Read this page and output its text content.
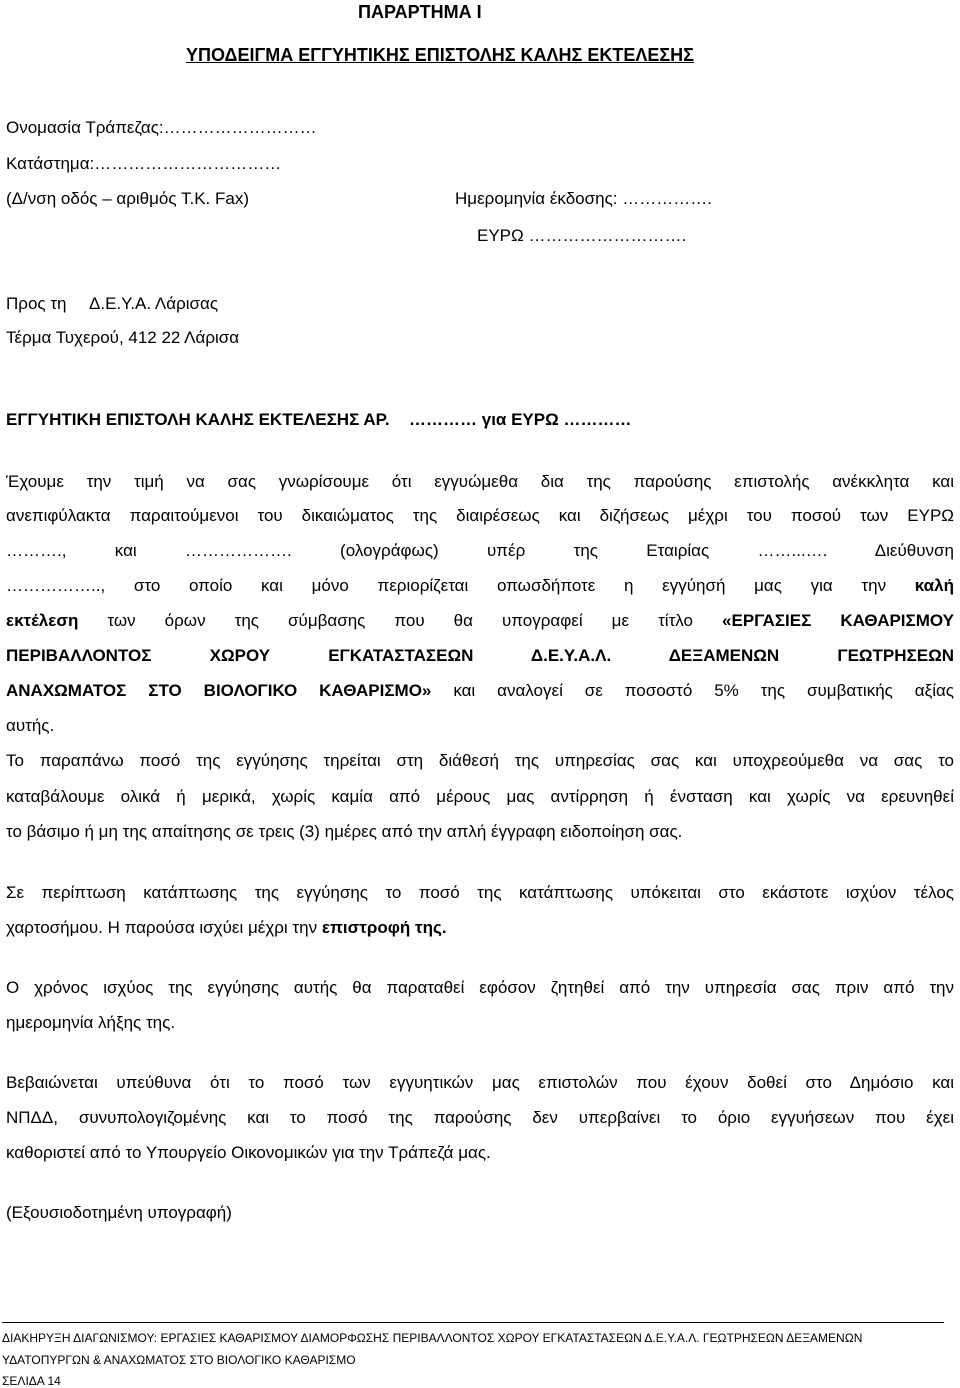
ΠΑΡΑΡΤΗΜΑ Ι
ΥΠΟΔΕΙΓΜΑ ΕΓΓΥΗΤΙΚΗΣ ΕΠΙΣΤΟΛΗΣ ΚΑΛΗΣ ΕΚΤΕΛΕΣΗΣ
Ονομασία Τράπεζας:………………………
Κατάστημα:……………………………
(Δ/νση οδός – αριθμός Τ.Κ. Fax)	Ημερομηνία έκδοσης: …………….
ΕΥΡΩ ……………………….
Προς τη Δ.Ε.Υ.Α. Λάρισας
Τέρμα Τυχερού, 412 22 Λάρισα
ΕΓΓΥΗΤΙΚΗ ΕΠΙΣΤΟΛΗ ΚΑΛΗΣ ΕΚΤΕΛΕΣΗΣ ΑΡ. ………… για ΕΥΡΩ …………
Έχουμε την τιμή να σας γνωρίσουμε ότι εγγυώμεθα δια της παρούσης επιστολής ανέκκλητα και
ανεπιφύλακτα παραιτούμενοι του δικαιώματος της διαιρέσεως και διζήσεως μέχρι του ποσού των ΕΥΡΩ
………., και ………………. (ολογράφως) υπέρ της Εταιρίας ……...…. Διεύθυνση
…………….., στο οποίο και μόνο περιορίζεται οπωσδήποτε η εγγύησή μας για την καλή
εκτέλεση των όρων της σύμβασης που θα υπογραφεί με τίτλο «ΕΡΓΑΣΙΕΣ ΚΑΘΑΡΙΣΜΟΥ
ΠΕΡΙΒΑΛΛΟΝΤΟΣ ΧΩΡΟΥ ΕΓΚΑΤΑΣΤΑΣΕΩΝ Δ.Ε.Υ.Α.Λ. ΔΕΞΑΜΕΝΩΝ ΓΕΩΤΡΗΣΕΩΝ
ΑΝΑΧΩΜΑΤΟΣ ΣΤΟ ΒΙΟΛΟΓΙΚΟ ΚΑΘΑΡΙΣΜΟ» και αναλογεί σε ποσοστό 5% της συμβατικής αξίας
αυτής.
Το παραπάνω ποσό της εγγύησης τηρείται στη διάθεσή της υπηρεσίας σας και υποχρεούμεθα να σας το
καταβάλουμε ολικά ή μερικά, χωρίς καμία από μέρους μας αντίρρηση ή ένσταση και χωρίς να ερευνηθεί
το βάσιμο ή μη της απαίτησης σε τρεις (3) ημέρες από την απλή έγγραφη ειδοποίηση σας.
Σε περίπτωση κατάπτωσης της εγγύησης το ποσό της κατάπτωσης υπόκειται στο εκάστοτε ισχύον τέλος
χαρτοσήμου. Η παρούσα ισχύει μέχρι την επιστροφή της.
Ο χρόνος ισχύος της εγγύησης αυτής θα παραταθεί εφόσον ζητηθεί από την υπηρεσία σας πριν από την
ημερομηνία λήξης της.
Βεβαιώνεται υπεύθυνα ότι το ποσό των εγγυητικών μας επιστολών που έχουν δοθεί στο Δημόσιο και
ΝΠΔΔ, συνυπολογιζομένης και το ποσό της παρούσης δεν υπερβαίνει το όριο εγγυήσεων που έχει
καθοριστεί από το Υπουργείο Οικονομικών για την Τράπεζά μας.
(Εξουσιοδοτημένη υπογραφή)
ΔΙΑΚΗΡΥΞΗ ΔΙΑΓΩΝΙΣΜΟΥ: ΕΡΓΑΣΙΕΣ ΚΑΘΑΡΙΣΜΟΥ ΔΙΑΜΟΡΦΩΣΗΣ ΠΕΡΙΒΑΛΛΟΝΤΟΣ ΧΩΡΟΥ ΕΓΚΑΤΑΣΤΑΣΕΩΝ Δ.Ε.Υ.Α.Λ. ΓΕΩΤΡΗΣΕΩΝ ΔΕΞΑΜΕΝΩΝ
ΥΔΑΤΟΠΥΡΓΩΝ & ΑΝΑΧΩΜΑΤΟΣ ΣΤΟ ΒΙΟΛΟΓΙΚΟ ΚΑΘΑΡΙΣΜΟ
ΣΕΛΙΔΑ 14
